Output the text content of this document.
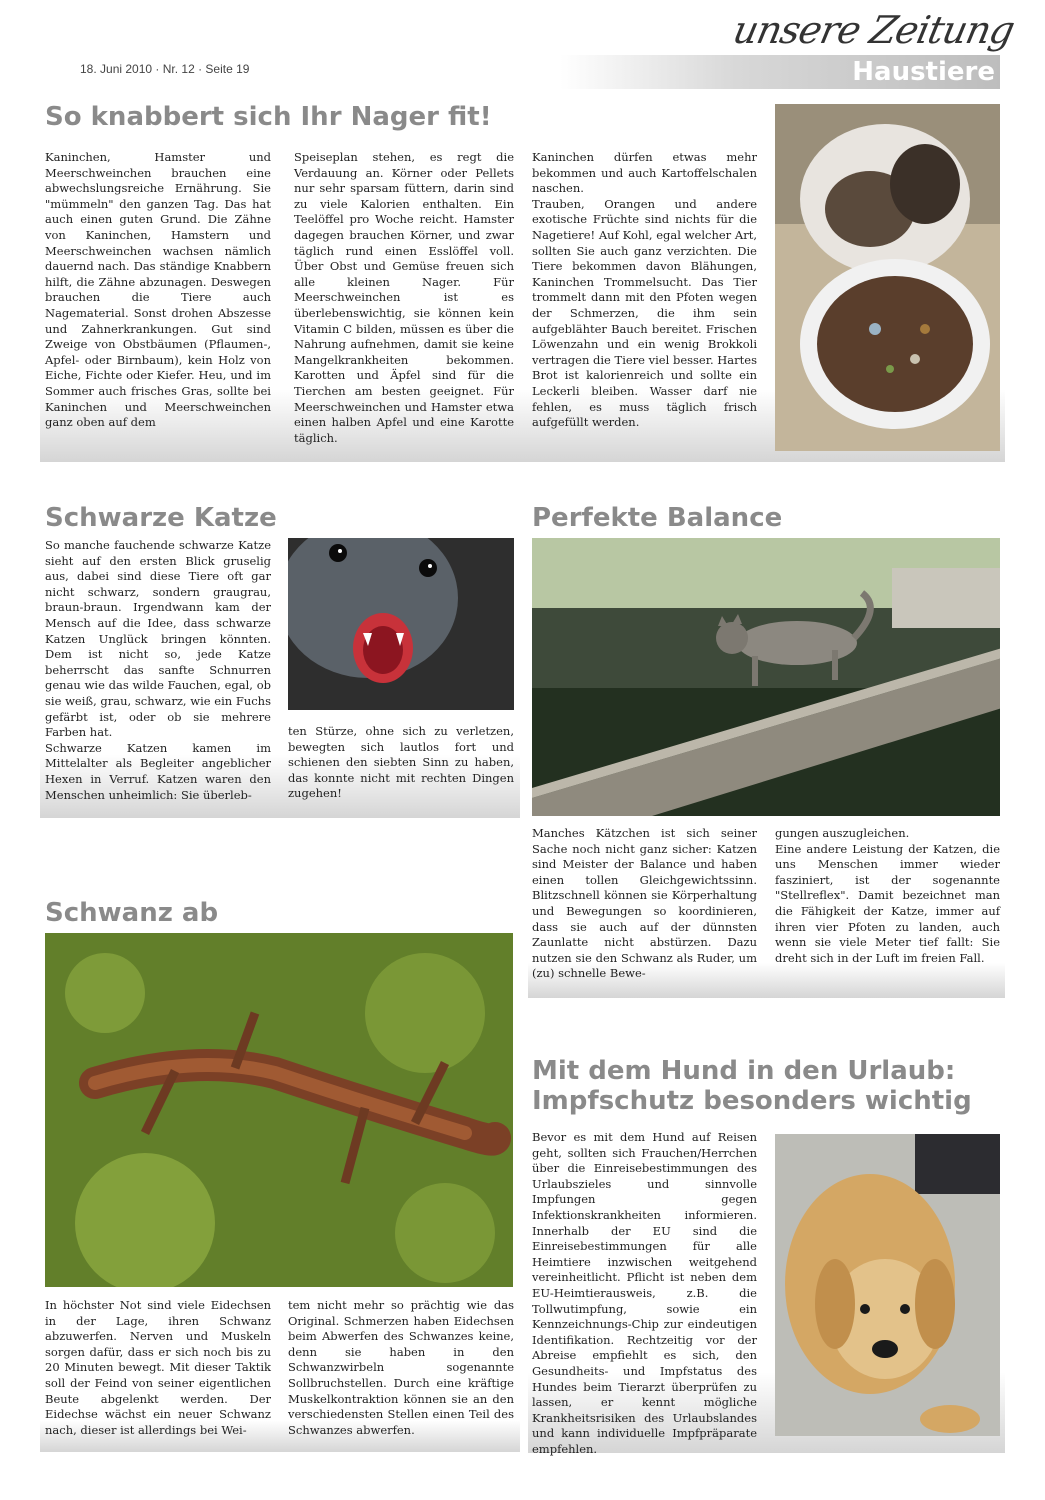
Haustiere
unsere Zeitung
18. Juni 2010 · Nr. 12 · Seite 19
So knabbert sich Ihr Nager fit!

Kaninchen, Hamster und Meerschweinchen brauchen eine abwechslungsreiche Ernährung. Sie "mümmeln" den ganzen Tag. Das hat auch einen guten Grund. Die Zähne von Kaninchen, Hamstern und Meerschweinchen wachsen nämlich dauernd nach. Das ständige Knabbern hilft, die Zähne abzunagen. Deswegen brauchen die Tiere auch Nagematerial. Sonst drohen Abszesse und Zahnerkrankungen. Gut sind Zweige von Obstbäumen (Pflaumen-, Apfel- oder Birnbaum), kein Holz von Eiche, Fichte oder Kiefer. Heu, und im Sommer auch frisches Gras, sollte bei Kaninchen und Meerschweinchen ganz oben auf dem

Speiseplan stehen, es regt die Verdauung an. Körner oder Pellets nur sehr sparsam füttern, darin sind zu viele Kalorien enthalten. Ein Teelöffel pro Woche reicht. Hamster dagegen brauchen Körner, und zwar täglich rund einen Esslöffel voll. Über Obst und Gemüse freuen sich alle kleinen Nager. Für Meerschweinchen ist es überlebenswichtig, sie können kein Vitamin C bilden, müssen es über die Nahrung aufnehmen, damit sie keine Mangelkrankheiten bekommen. Karotten und Äpfel sind für die Tierchen am besten geeignet. Für Meerschweinchen und Hamster etwa einen halben Apfel und eine Karotte täglich.

Kaninchen dürfen etwas mehr bekommen und auch Kartoffelschalen naschen.

Trauben, Orangen und andere exotische Früchte sind nichts für die Nagetiere! Auf Kohl, egal welcher Art, sollten Sie auch ganz verzichten. Die Tiere bekommen davon Blähungen, Kaninchen Trommelsucht. Das Tier trommelt dann mit den Pfoten wegen der Schmerzen, die ihm sein aufgeblähter Bauch bereitet. Frischen Löwenzahn und ein wenig Brokkoli vertragen die Tiere viel besser. Hartes Brot ist kalorienreich und sollte ein Leckerli bleiben. Wasser darf nie fehlen, es muss täglich frisch aufgefüllt werden.

Schwarze Katze

So manche fauchende schwarze Katze sieht auf den ersten Blick gruselig aus, dabei sind diese Tiere oft gar nicht schwarz, sondern graugrau, braun-braun. Irgendwann kam der Mensch auf die Idee, dass schwarze Katzen Unglück bringen könnten. Dem ist nicht so, jede Katze beherrscht das sanfte Schnurren genau wie das wilde Fauchen, egal, ob sie weiß, grau, schwarz, wie ein Fuchs gefärbt ist, oder ob sie mehrere Farben hat.

Schwarze Katzen kamen im Mittelalter als Begleiter angeblicher Hexen in Verruf. Katzen waren den Menschen unheimlich: Sie überleb-

ten Stürze, ohne sich zu verletzen, bewegten sich lautlos fort und schienen den siebten Sinn zu haben, das konnte nicht mit rechten Dingen zugehen!

Perfekte Balance

Manches Kätzchen ist sich seiner Sache noch nicht ganz sicher: Katzen sind Meister der Balance und haben einen tollen Gleichgewichtssinn. Blitzschnell können sie Körperhaltung und Bewegungen so koordinieren, dass sie auch auf der dünnsten Zaunlatte nicht abstürzen. Dazu nutzen sie den Schwanz als Ruder, um (zu) schnelle Bewe-

gungen auszugleichen.

Eine andere Leistung der Katzen, die uns Menschen immer wieder fasziniert, ist der sogenannte "Stellreflex". Damit bezeichnet man die Fähigkeit der Katze, immer auf ihren vier Pfoten zu landen, auch wenn sie viele Meter tief fallt: Sie dreht sich in der Luft im freien Fall.

Schwanz ab

In höchster Not sind viele Eidechsen in der Lage, ihren Schwanz abzuwerfen. Nerven und Muskeln sorgen dafür, dass er sich noch bis zu 20 Minuten bewegt. Mit dieser Taktik soll der Feind von seiner eigentlichen Beute abgelenkt werden. Der Eidechse wächst ein neuer Schwanz nach, dieser ist allerdings bei Wei-

tem nicht mehr so prächtig wie das Original. Schmerzen haben Eidechsen beim Abwerfen des Schwanzes keine, denn sie haben in den Schwanzwirbeln sogenannte Sollbruchstellen. Durch eine kräftige Muskelkontraktion können sie an den verschiedensten Stellen einen Teil des Schwanzes abwerfen.

Mit dem Hund in den Urlaub:
Impfschutz besonders wichtig

Bevor es mit dem Hund auf Reisen geht, sollten sich Frauchen/Herrchen über die Einreisebestimmungen des Urlaubszieles und sinnvolle Impfungen gegen Infektionskrankheiten informieren. Innerhalb der EU sind die Einreisebestimmungen für alle Heimtiere inzwischen weitgehend vereinheitlicht. Pflicht ist neben dem EU-Heimtierausweis, z.B. die Tollwutimpfung, sowie ein Kennzeichnungs-Chip zur eindeutigen Identifikation. Rechtzeitig vor der Abreise empfiehlt es sich, den Gesundheits- und Impfstatus des Hundes beim Tierarzt überprüfen zu lassen, er kennt mögliche Krankheitsrisiken des Urlaubslandes und kann individuelle Impfpräparate empfehlen.
